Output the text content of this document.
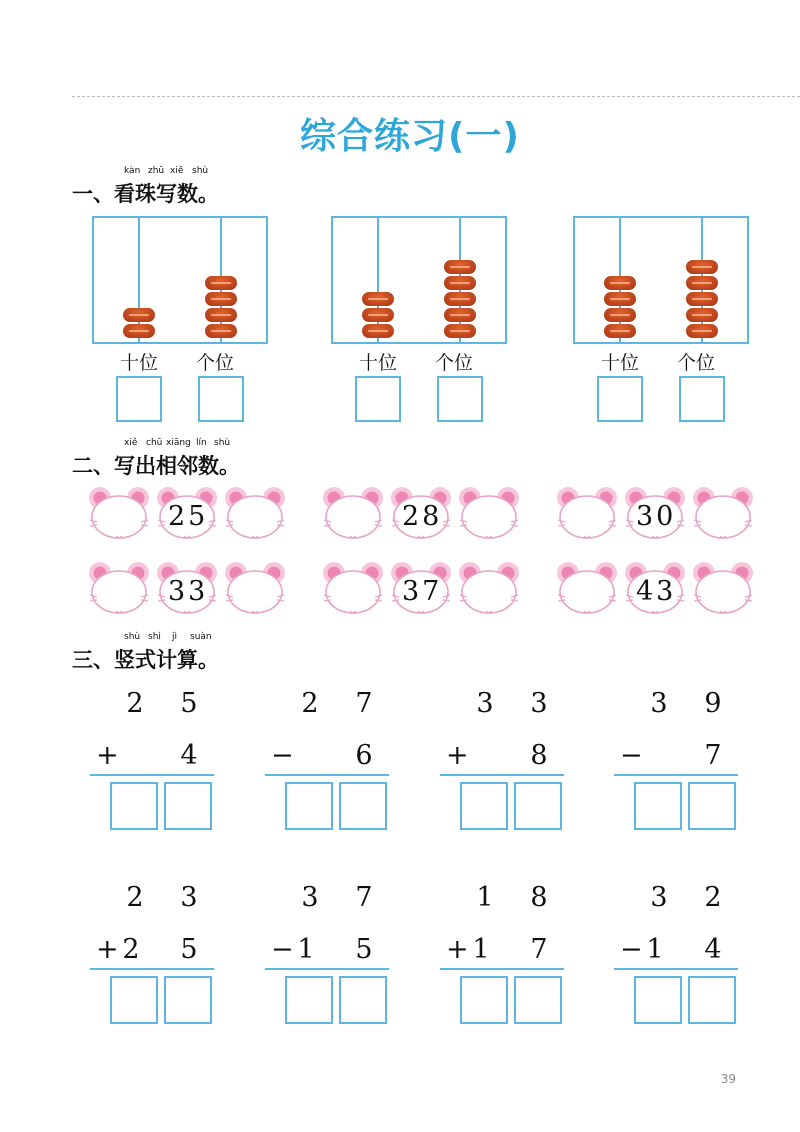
综合练习(一)
kàn zhū xiě shù
一、看珠写数。
十位 个位	十位 个位	十位 个位
xiě chū xiāng lín shù
二、写出相邻数。
25	28	30
33	37	43
shù shì jì suàn
三、竖式计算。
2 5
+ 4
2 7
− 6
3 3
+ 8
3 9
− 7
2 3
+ 2 5
3 7
− 1 5
1 8
+ 1 7
3 2
− 1 4
39
